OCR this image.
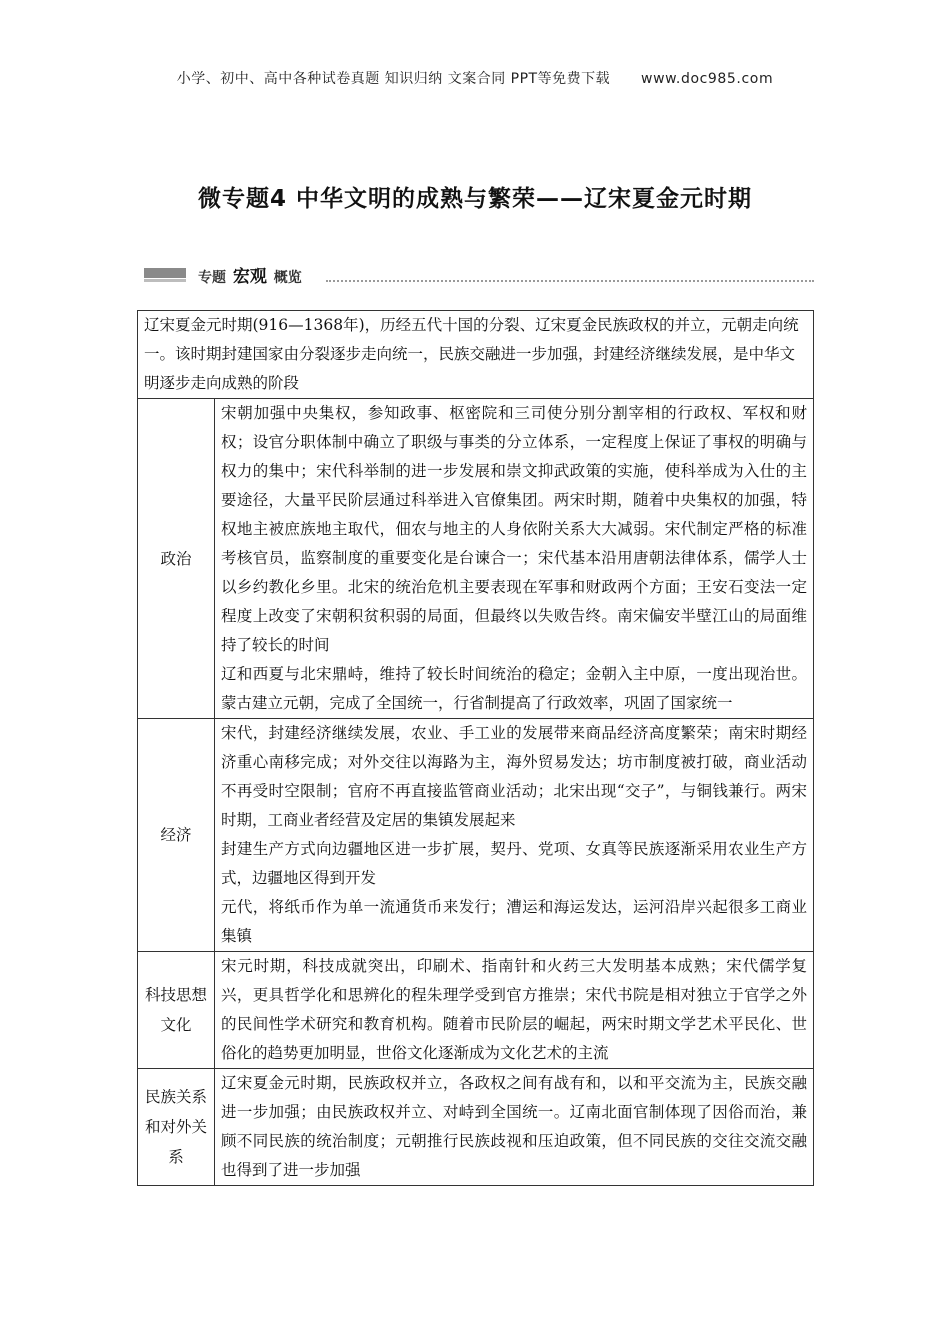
小学、初中、高中各种试卷真题 知识归纳 文案合同 PPT等免费下载 www.doc985.com
微专题4 中华文明的成熟与繁荣——辽宋夏金元时期
专题 宏观 概览
辽宋夏金元时期(916—1368年)，历经五代十国的分裂、辽宋夏金民族政权的并立，元朝走向统一。该时期封建国家由分裂逐步走向统一，民族交融进一步加强，封建经济继续发展，是中华文明逐步走向成熟的阶段	
政治	宋朝加强中央集权，参知政事、枢密院和三司使分别分割宰相的行政权、军权和财权；设官分职体制中确立了职级与事类的分立体系，一定程度上保证了事权的明确与权力的集中；宋代科举制的进一步发展和崇文抑武政策的实施，使科举成为入仕的主要途径，大量平民阶层通过科举进入官僚集团。两宋时期，随着中央集权的加强，特权地主被庶族地主取代，佃农与地主的人身依附关系大大减弱。宋代制定严格的标准考核官员，监察制度的重要变化是台谏合一；宋代基本沿用唐朝法律体系，儒学人士以乡约教化乡里。北宋的统治危机主要表现在军事和财政两个方面；王安石变法一定程度上改变了宋朝积贫积弱的局面，但最终以失败告终。南宋偏安半壁江山的局面维持了较长的时间

辽和西夏与北宋鼎峙，维持了较长时间统治的稳定；金朝入主中原，一度出现治世。蒙古建立元朝，完成了全国统一，行省制提高了行政效率，巩固了国家统一

经济	宋代，封建经济继续发展，农业、手工业的发展带来商品经济高度繁荣；南宋时期经济重心南移完成；对外交往以海路为主，海外贸易发达；坊市制度被打破，商业活动不再受时空限制；官府不再直接监管商业活动；北宋出现“交子”，与铜钱兼行。两宋时期，工商业者经营及定居的集镇发展起来

封建生产方式向边疆地区进一步扩展，契丹、党项、女真等民族逐渐采用农业生产方式，边疆地区得到开发

元代，将纸币作为单一流通货币来发行；漕运和海运发达，运河沿岸兴起很多工商业集镇

科技思想文化	宋元时期，科技成就突出，印刷术、指南针和火药三大发明基本成熟；宋代儒学复兴，更具哲学化和思辨化的程朱理学受到官方推崇；宋代书院是相对独立于官学之外的民间性学术研究和教育机构。随着市民阶层的崛起，两宋时期文学艺术平民化、世俗化的趋势更加明显，世俗文化逐渐成为文化艺术的主流

民族关系和对外关系	辽宋夏金元时期，民族政权并立，各政权之间有战有和，以和平交流为主，民族交融进一步加强；由民族政权并立、对峙到全国统一。辽南北面官制体现了因俗而治，兼顾不同民族的统治制度；元朝推行民族歧视和压迫政策，但不同民族的交往交流交融也得到了进一步加强
